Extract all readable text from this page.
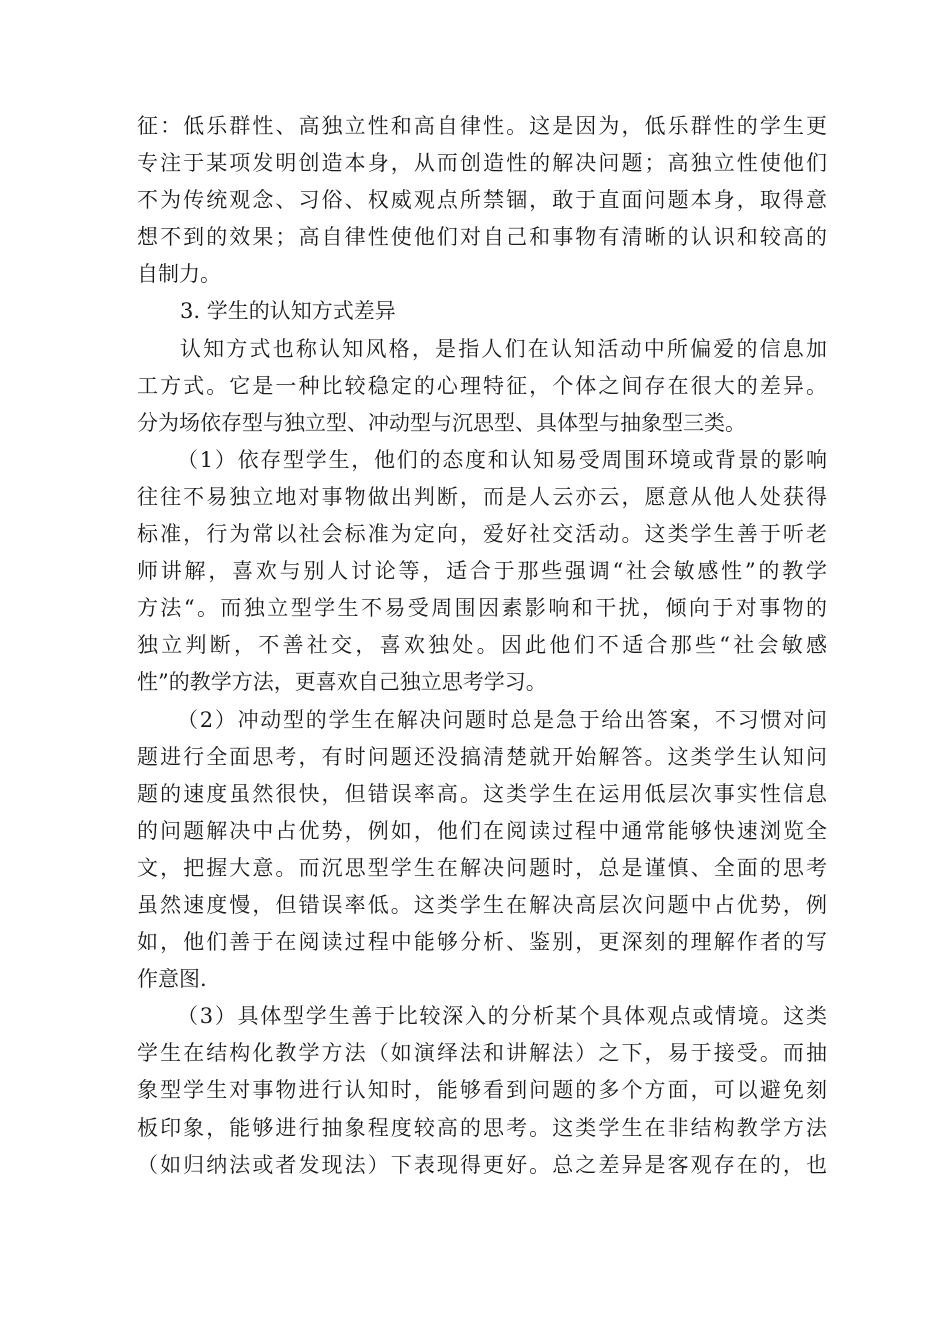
征：低乐群性、高独立性和高自律性。这是因为，低乐群性的学生更
专注于某项发明创造本身，从而创造性的解决问题；高独立性使他们
不为传统观念、习俗、权威观点所禁锢，敢于直面问题本身，取得意
想不到的效果；高自律性使他们对自己和事物有清晰的认识和较高的
自制力。
3. 学生的认知方式差异
认知方式也称认知风格，是指人们在认知活动中所偏爱的信息加
工方式。它是一种比较稳定的心理特征，个体之间存在很大的差异。
分为场依存型与独立型、冲动型与沉思型、具体型与抽象型三类。
（1）依存型学生，他们的态度和认知易受周围环境或背景的影响
往往不易独立地对事物做出判断，而是人云亦云，愿意从他人处获得
标准，行为常以社会标准为定向，爱好社交活动。这类学生善于听老
师讲解，喜欢与别人讨论等，适合于那些强调“社会敏感性”的教学
方法“。而独立型学生不易受周围因素影响和干扰，倾向于对事物的
独立判断，不善社交，喜欢独处。因此他们不适合那些“社会敏感
性”的教学方法，更喜欢自己独立思考学习。
（2）冲动型的学生在解决问题时总是急于给出答案，不习惯对问
题进行全面思考，有时问题还没搞清楚就开始解答。这类学生认知问
题的速度虽然很快，但错误率高。这类学生在运用低层次事实性信息
的问题解决中占优势，例如，他们在阅读过程中通常能够快速浏览全
文，把握大意。而沉思型学生在解决问题时，总是谨慎、全面的思考
虽然速度慢，但错误率低。这类学生在解决高层次问题中占优势，例
如，他们善于在阅读过程中能够分析、鉴别，更深刻的理解作者的写
作意图.
（3）具体型学生善于比较深入的分析某个具体观点或情境。这类
学生在结构化教学方法（如演绎法和讲解法）之下，易于接受。而抽
象型学生对事物进行认知时，能够看到问题的多个方面，可以避免刻
板印象，能够进行抽象程度较高的思考。这类学生在非结构教学方法
（如归纳法或者发现法）下表现得更好。总之差异是客观存在的，也
